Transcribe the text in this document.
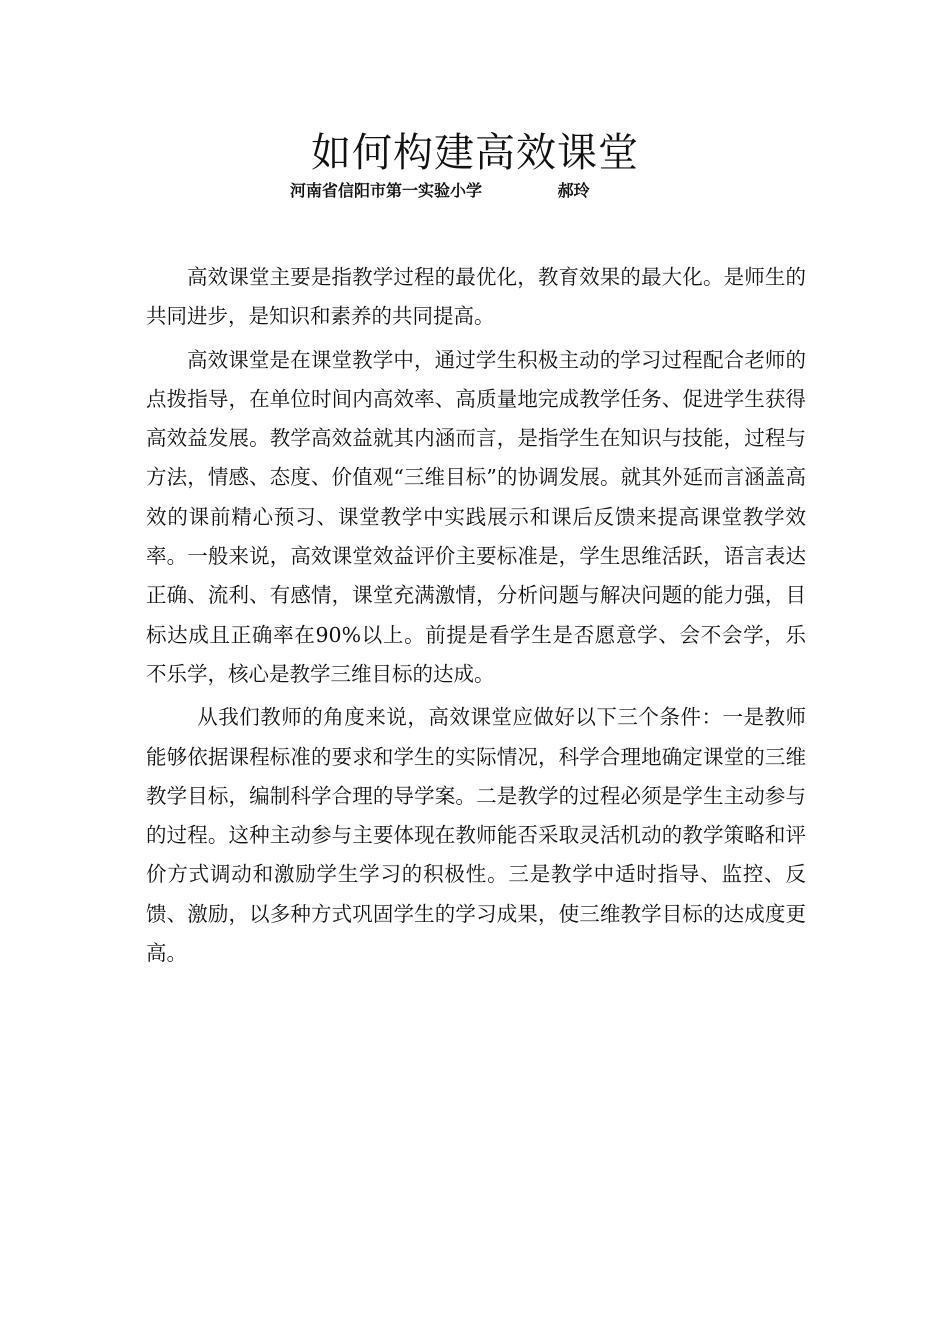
如何构建高效课堂
河南省信阳市第一实验小学	郝玲

高效课堂主要是指教学过程的最优化，教育效果的最大化。是师生的共同进步，是知识和素养的共同提高。

高效课堂是在课堂教学中，通过学生积极主动的学习过程配合老师的点拨指导，在单位时间内高效率、高质量地完成教学任务、促进学生获得高效益发展。教学高效益就其内涵而言，是指学生在知识与技能，过程与方法，情感、态度、价值观“三维目标”的协调发展。就其外延而言涵盖高效的课前精心预习、课堂教学中实践展示和课后反馈来提高课堂教学效率。一般来说，高效课堂效益评价主要标准是，学生思维活跃，语言表达正确、流利、有感情，课堂充满激情，分析问题与解决问题的能力强，目标达成且正确率在90%以上。前提是看学生是否愿意学、会不会学，乐不乐学，核心是教学三维目标的达成。

从我们教师的角度来说，高效课堂应做好以下三个条件：一是教师能够依据课程标准的要求和学生的实际情况，科学合理地确定课堂的三维教学目标，编制科学合理的导学案。二是教学的过程必须是学生主动参与的过程。这种主动参与主要体现在教师能否采取灵活机动的教学策略和评价方式调动和激励学生学习的积极性。三是教学中适时指导、监控、反馈、激励，以多种方式巩固学生的学习成果，使三维教学目标的达成度更高。
